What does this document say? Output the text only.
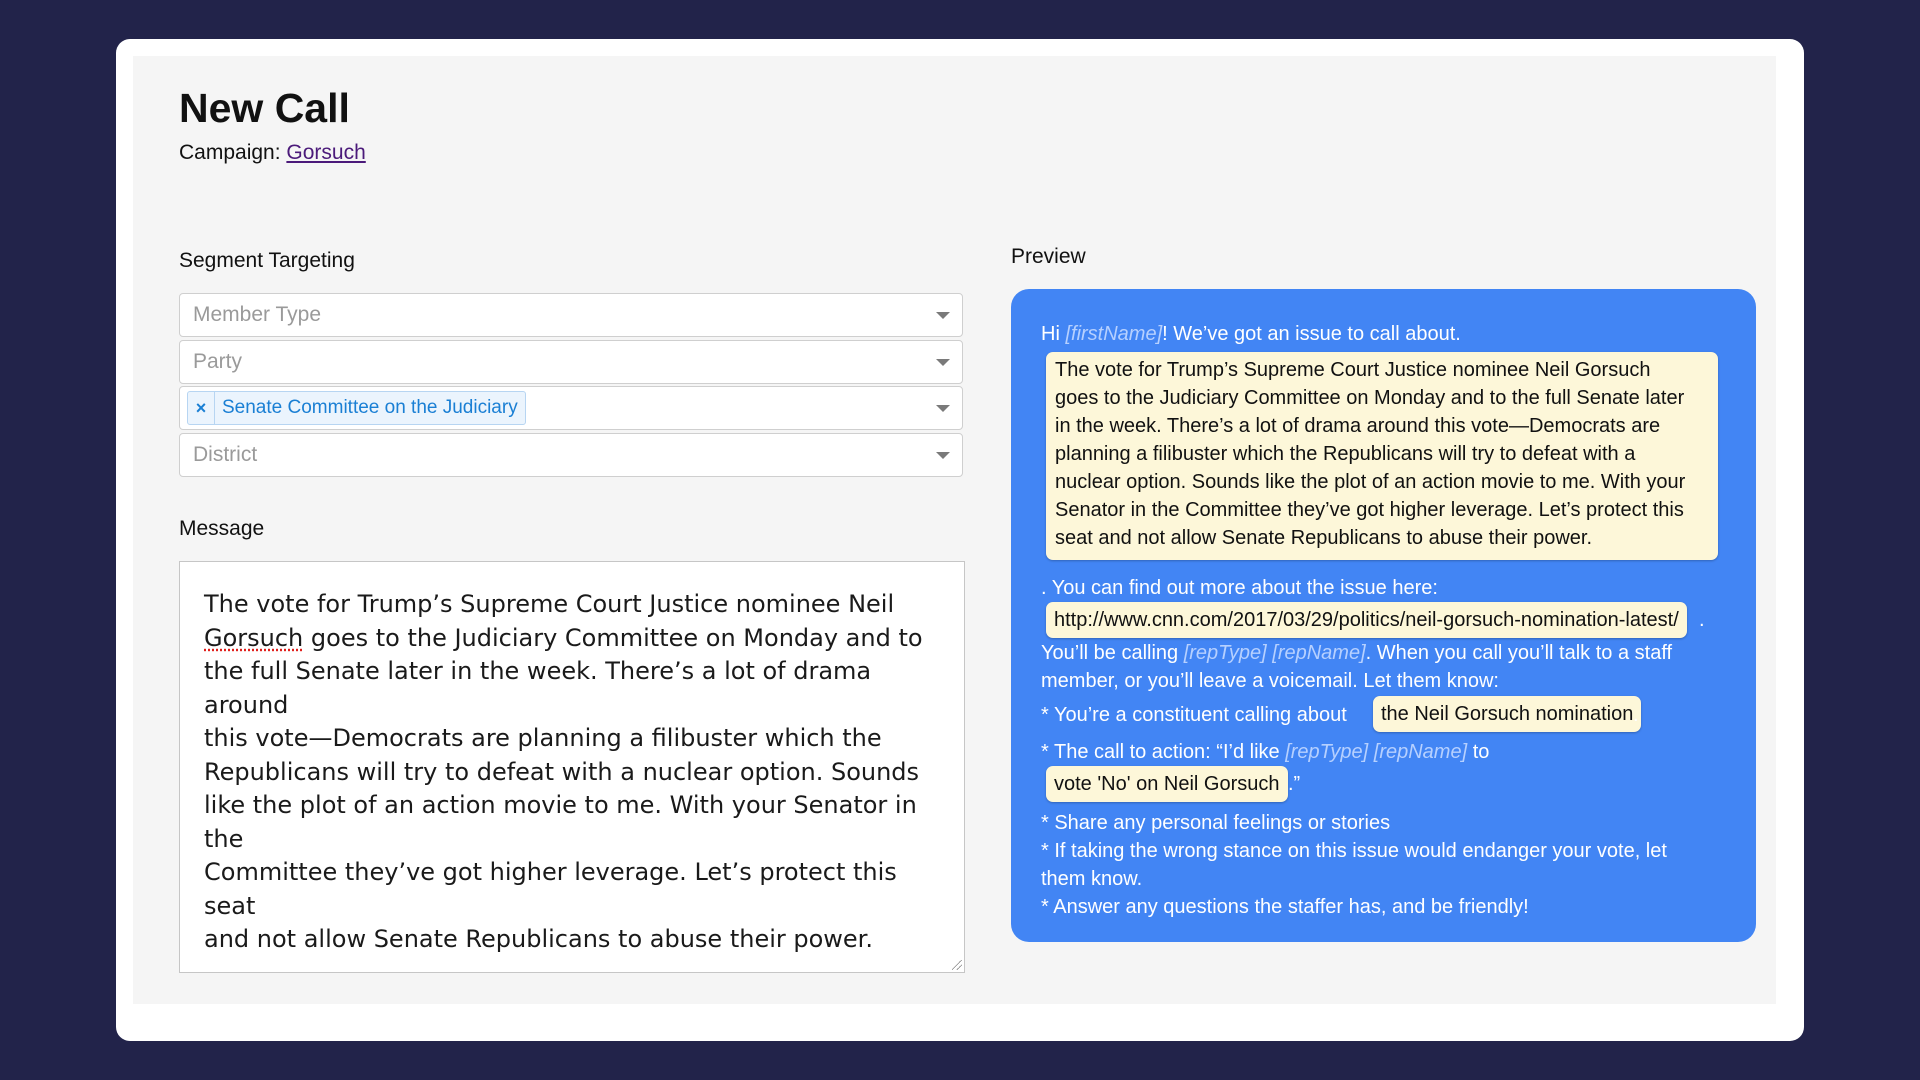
New Call
Campaign: Gorsuch
Segment Targeting
Member Type
Party
× Senate Committee on the Judiciary
District
Message
The vote for Trump’s Supreme Court Justice nominee Neil
Gorsuch goes to the Judiciary Committee on Monday and to
the full Senate later in the week. There’s a lot of drama around
this vote—Democrats are planning a filibuster which the
Republicans will try to defeat with a nuclear option. Sounds
like the plot of an action movie to me. With your Senator in the
Committee they’ve got higher leverage. Let’s protect this seat
and not allow Senate Republicans to abuse their power.
Preview
Hi [firstName]! We’ve got an issue to call about.
The vote for Trump’s Supreme Court Justice nominee Neil Gorsuch
goes to the Judiciary Committee on Monday and to the full Senate later
in the week. There’s a lot of drama around this vote—Democrats are
planning a filibuster which the Republicans will try to defeat with a
nuclear option. Sounds like the plot of an action movie to me. With your
Senator in the Committee they’ve got higher leverage. Let’s protect this
seat and not allow Senate Republicans to abuse their power.
. You can find out more about the issue here:
http://www.cnn.com/2017/03/29/politics/neil-gorsuch-nomination-latest/	.
You’ll be calling [repType] [repName]. When you call you’ll talk to a staff
member, or you’ll leave a voicemail. Let them know:
* You’re a constituent calling about	the Neil Gorsuch nomination .
* The call to action: “I’d like [repType] [repName] to
vote 'No' on Neil Gorsuch .”
* Share any personal feelings or stories
* If taking the wrong stance on this issue would endanger your vote, let
them know.
* Answer any questions the staffer has, and be friendly!
